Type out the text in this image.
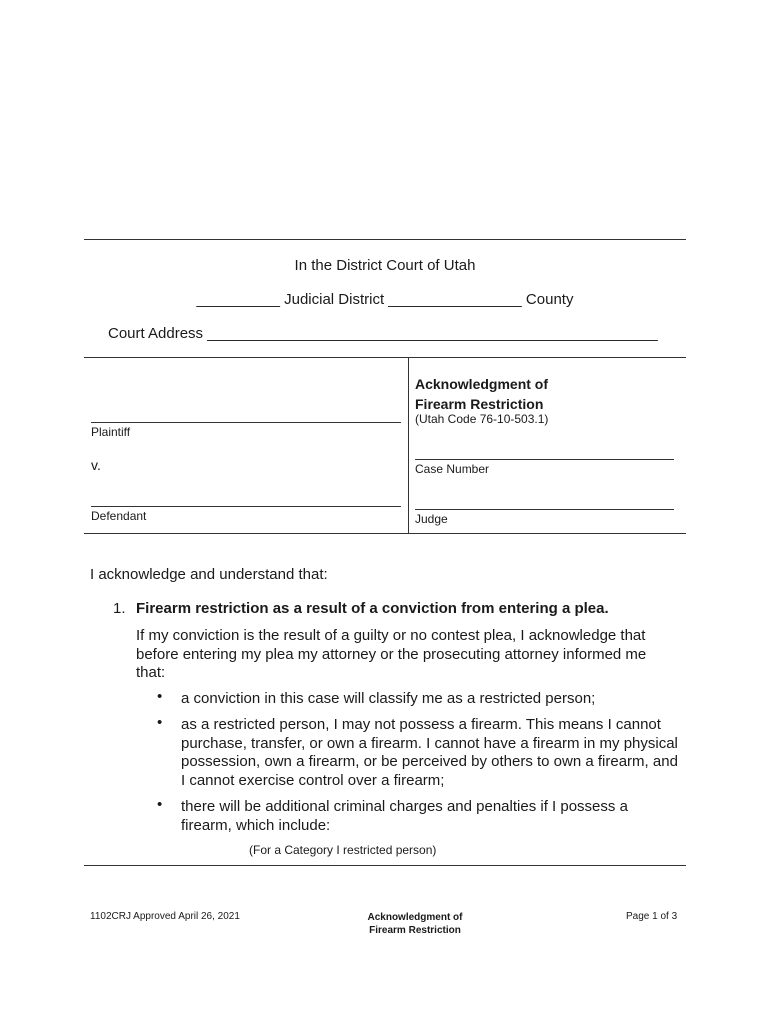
In the District Court of Utah
__________ Judicial District ________________ County
Court Address ______________________________________________________
Plaintiff
v.
Defendant
Acknowledgment of
Firearm Restriction
(Utah Code 76-10-503.1)
Case Number
Judge
I acknowledge and understand that:
1. Firearm restriction as a result of a conviction from entering a plea.
If my conviction is the result of a guilty or no contest plea, I acknowledge that
before entering my plea my attorney or the prosecuting attorney informed me
that:
• a conviction in this case will classify me as a restricted person;
• as a restricted person, I may not possess a firearm. This means I cannot
purchase, transfer, or own a firearm. I cannot have a firearm in my physical
possession, own a firearm, or be perceived by others to own a firearm, and
I cannot exercise control over a firearm;
• there will be additional criminal charges and penalties if I possess a
firearm, which include:
(For a Category I restricted person)
1102CRJ Approved April 26, 2021	Acknowledgment of
Firearm Restriction
Page 1 of 3
